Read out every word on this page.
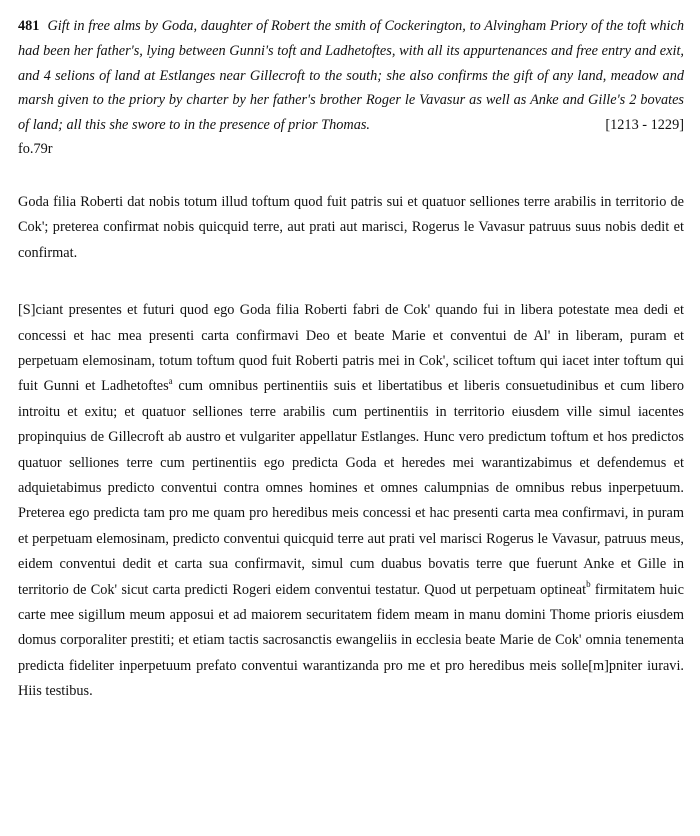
481 Gift in free alms by Goda, daughter of Robert the smith of Cockerington, to Alvingham Priory of the toft which had been her father's, lying between Gunni's toft and Ladhetoftes, with all its appurtenances and free entry and exit, and 4 selions of land at Estlanges near Gillecroft to the south; she also confirms the gift of any land, meadow and marsh given to the priory by charter by her father's brother Roger le Vavasur as well as Anke and Gille's 2 bovates of land; all this she swore to in the presence of prior Thomas.	[1213 - 1229]
fo.79r

Goda filia Roberti dat nobis totum illud toftum quod fuit patris sui et quatuor selliones terre arabilis in territorio de Cok'; preterea confirmat nobis quicquid terre, aut prati aut marisci, Rogerus le Vavasur patruus suus nobis dedit et confirmat.

[S]ciant presentes et futuri quod ego Goda filia Roberti fabri de Cok' quando fui in libera potestate mea dedi et concessi et hac mea presenti carta confirmavi Deo et beate Marie et conventui de Al' in liberam, puram et perpetuam elemosinam, totum toftum quod fuit Roberti patris mei in Cok', scilicet toftum qui iacet inter toftum qui fuit Gunni et Ladhetoftes$^a$ cum omnibus pertinentiis suis et libertatibus et liberis consuetudinibus et cum libero introitu et exitu; et quatuor selliones terre arabilis cum pertinentiis in territorio eiusdem ville simul iacentes propinquius de Gillecroft ab austro et vulgariter appellatur Estlanges. Hunc vero predictum toftum et hos predictos quatuor selliones terre cum pertinentiis ego predicta Goda et heredes mei warantizabimus et defendemus et adquietabimus predicto conventui contra omnes homines et omnes calumpnias de omnibus rebus inperpetuum. Preterea ego predicta tam pro me quam pro heredibus meis concessi et hac presenti carta mea confirmavi, in puram et perpetuam elemosinam, predicto conventui quicquid terre aut prati vel marisci Rogerus le Vavasur, patruus meus, eidem conventui dedit et carta sua confirmavit, simul cum duabus bovatis terre que fuerunt Anke et Gille in territorio de Cok' sicut carta predicti Rogeri eidem conventui testatur. Quod ut perpetuam optineat$^b$ firmitatem huic carte mee sigillum meum apposui et ad maiorem securitatem fidem meam in manu domini Thome prioris eiusdem domus corporaliter prestiti; et etiam tactis sacrosanctis ewangeliis in ecclesia beate Marie de Cok' omnia tenementa predicta fideliter inperpetuum prefato conventui warantizanda pro me et pro heredibus meis solle[m]pniter iuravi. Hiis testibus.
